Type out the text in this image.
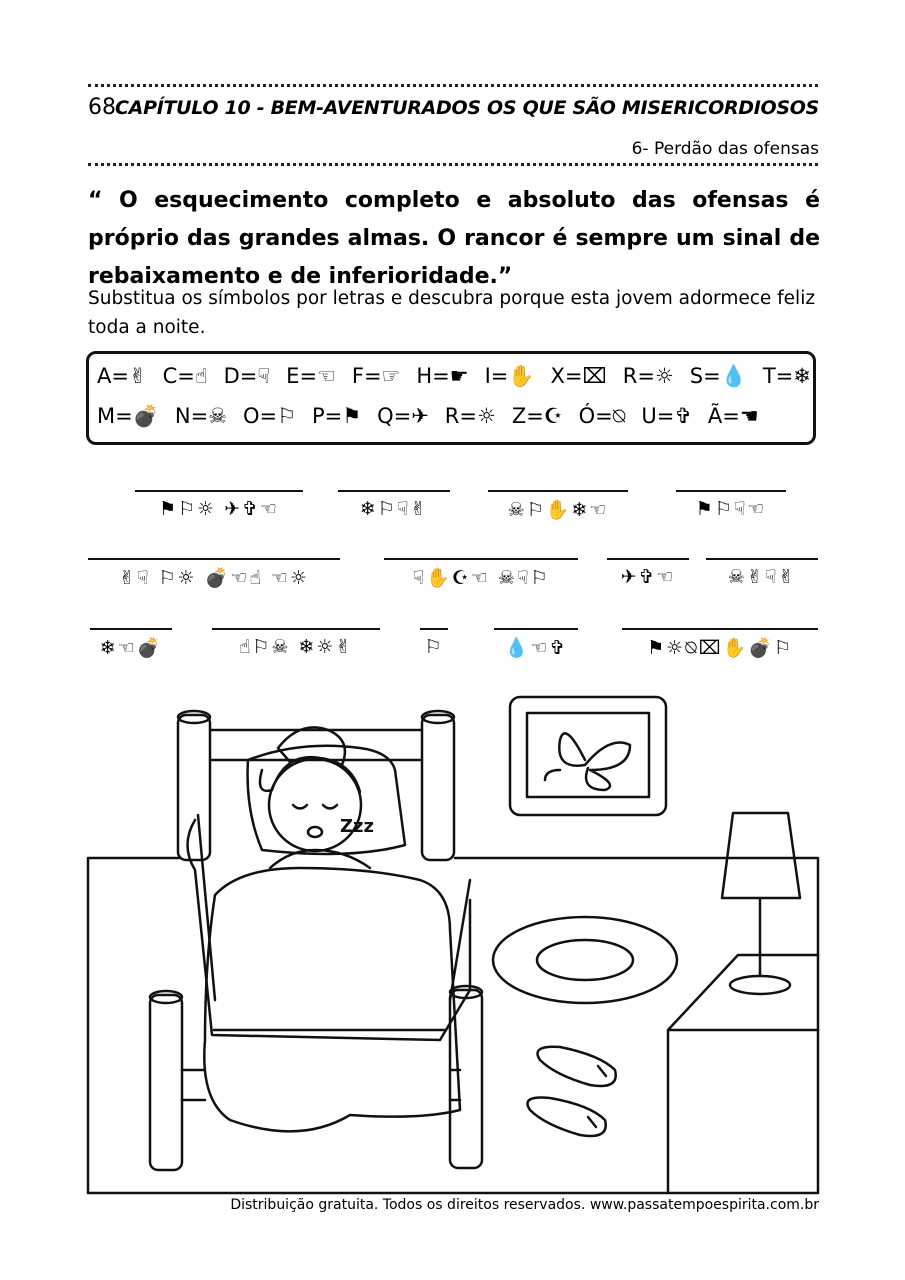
68 CAPÍTULO 10 - BEM-AVENTURADOS OS QUE SÃO MISERICORDIOSOS
6- Perdão das ofensas
“ O esquecimento completo e absoluto das ofensas é próprio das grandes almas. O rancor é sempre um sinal de rebaixamento e de inferioridade.”
Substitua os símbolos por letras e descubra porque esta jovem adormece feliz toda a noite.
A=✌ C=☝ D=☟ E=☜ F=☞ H=☛ I=✋ X=⌧ R=☼ S=💧 T=❄
M=💣 N=☠ O=⚐ P=⚑ Q=✈ R=☼ Z=☪ Ó=⍉ U=✞ Ã=☚
⚑⚐☼ ✈✞☜	❄⚐☟✌	☠⚐✋❄☜	⚑⚐☟☜
✌☟ ⚐☼ 💣☜☝ ☜☼	☟✋☪☜ ☠☟⚐	✈✞☜	☠✌☟✌
❄☜💣	☝⚐☠ ❄☼✌	⚐	💧☜✞	⚑☼⍉⌧✋💣⚐
Zzz
Distribuição gratuita. Todos os direitos reservados. www.passatempoespirita.com.br
